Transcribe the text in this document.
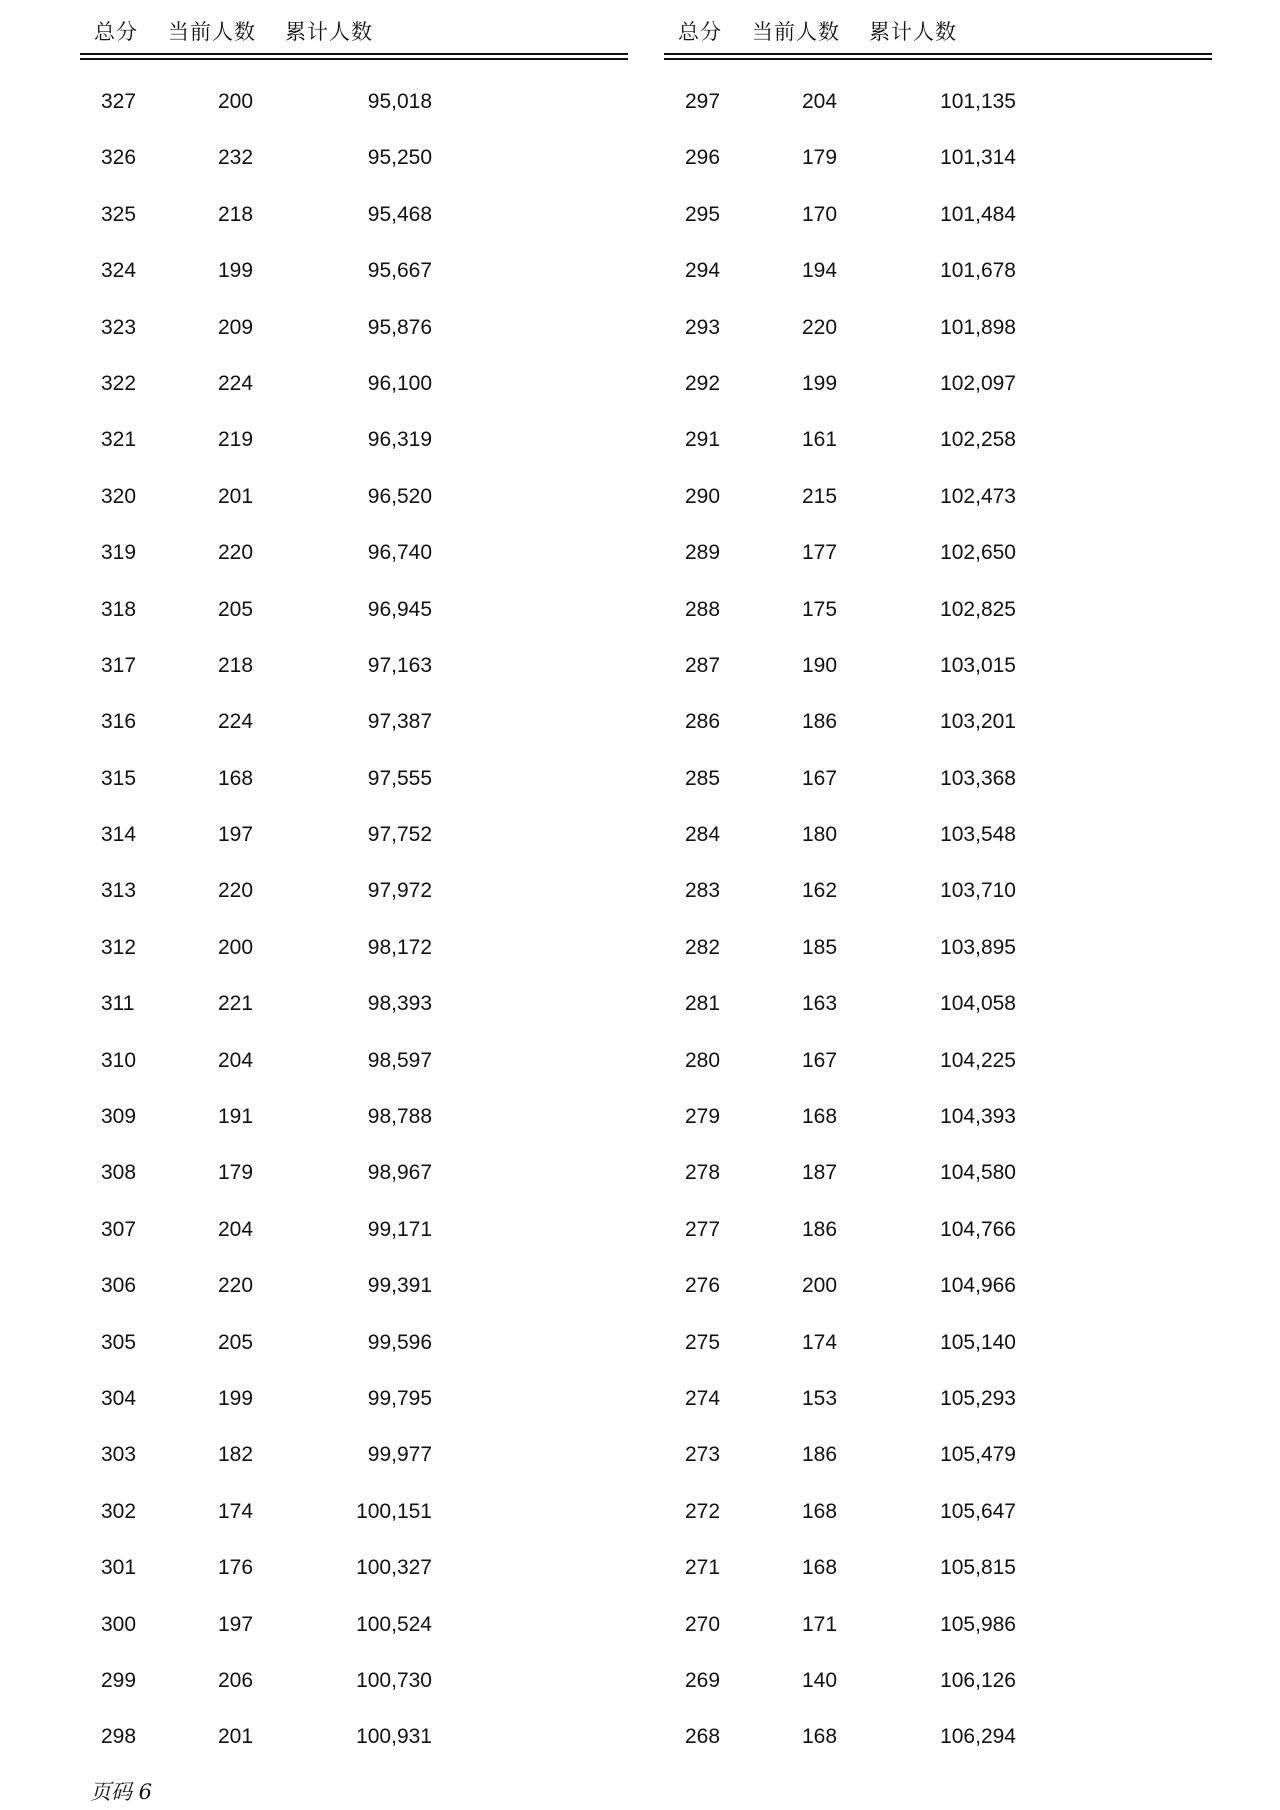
总分 当前人数 累计人数
327	200	95,018
326	232	95,250
325	218	95,468
324	199	95,667
323	209	95,876
322	224	96,100
321	219	96,319
320	201	96,520
319	220	96,740
318	205	96,945
317	218	97,163
316	224	97,387
315	168	97,555
314	197	97,752
313	220	97,972
312	200	98,172
311	221	98,393
310	204	98,597
309	191	98,788
308	179	98,967
307	204	99,171
306	220	99,391
305	205	99,596
304	199	99,795
303	182	99,977
302	174	100,151
301	176	100,327
300	197	100,524
299	206	100,730
298	201	100,931
总分 当前人数 累计人数
297	204	101,135
296	179	101,314
295	170	101,484
294	194	101,678
293	220	101,898
292	199	102,097
291	161	102,258
290	215	102,473
289	177	102,650
288	175	102,825
287	190	103,015
286	186	103,201
285	167	103,368
284	180	103,548
283	162	103,710
282	185	103,895
281	163	104,058
280	167	104,225
279	168	104,393
278	187	104,580
277	186	104,766
276	200	104,966
275	174	105,140
274	153	105,293
273	186	105,479
272	168	105,647
271	168	105,815
270	171	105,986
269	140	106,126
268	168	106,294
页码 6
